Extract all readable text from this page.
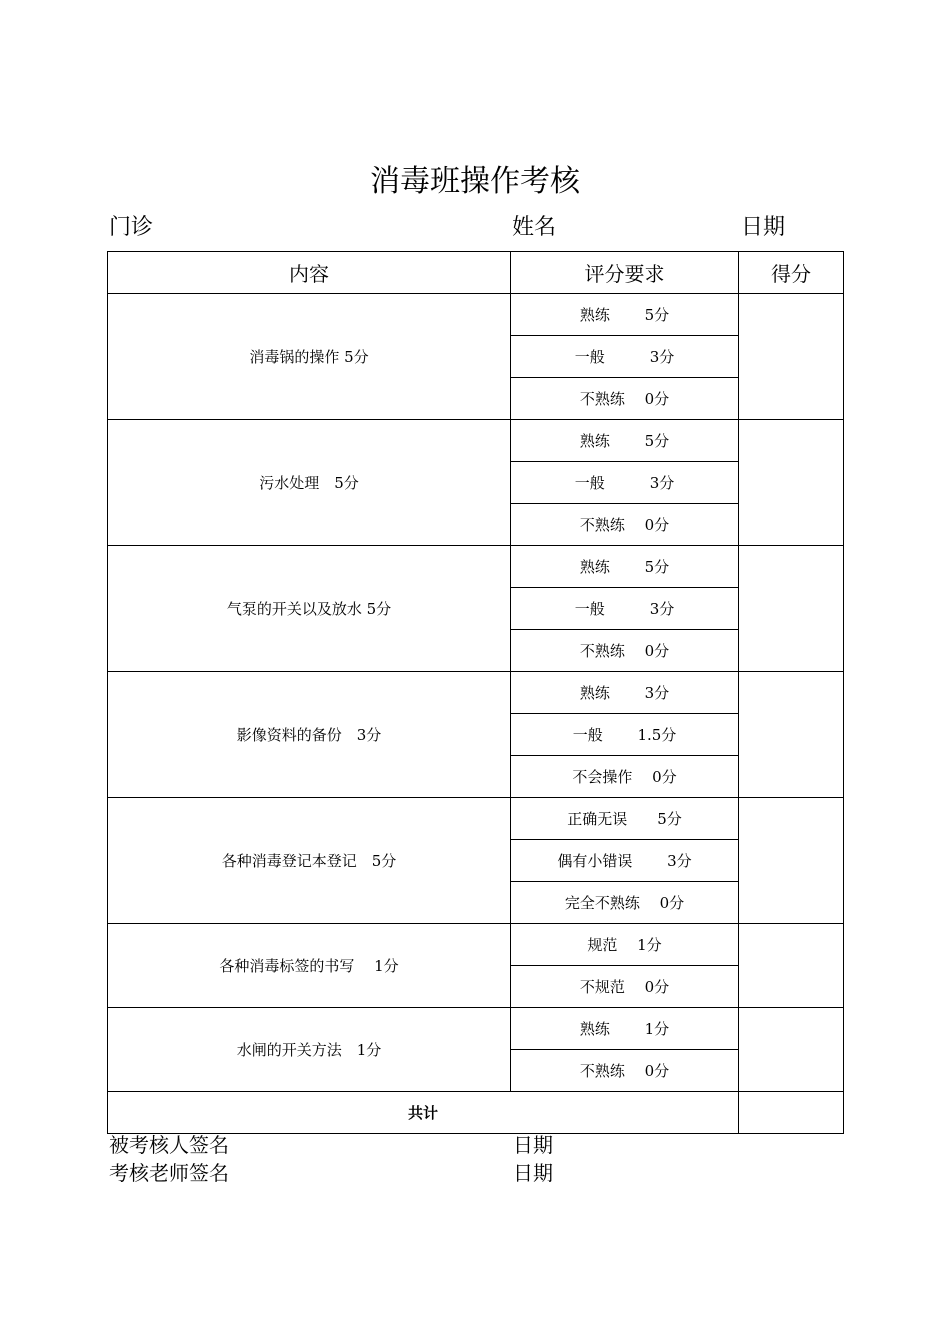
消毒班操作考核
门诊	姓名	日期
内容	评分要求	得分
消毒锅的操作 5分	熟练　　 5分	
	一般　　　3分	
	不熟练　 0分	
污水处理　5分	熟练　　 5分	
	一般　　　3分	
	不熟练　 0分	
气泵的开关以及放水 5分	熟练　　 5分	
	一般　　　3分	
	不熟练　 0分	
影像资料的备份　3分	熟练　　 3分	
	一般　　 1.5分	
	不会操作　 0分	
各种消毒登记本登记　5分	正确无误　　5分	
	偶有小错误　　 3分	
	完全不熟练　 0分	
各种消毒标签的书写　 1分	规范　 1分	
	不规范　 0分	
水闸的开关方法　1分	熟练　　 1分	
	不熟练　 0分	
共计		
被考核人签名	日期
考核老师签名	日期
